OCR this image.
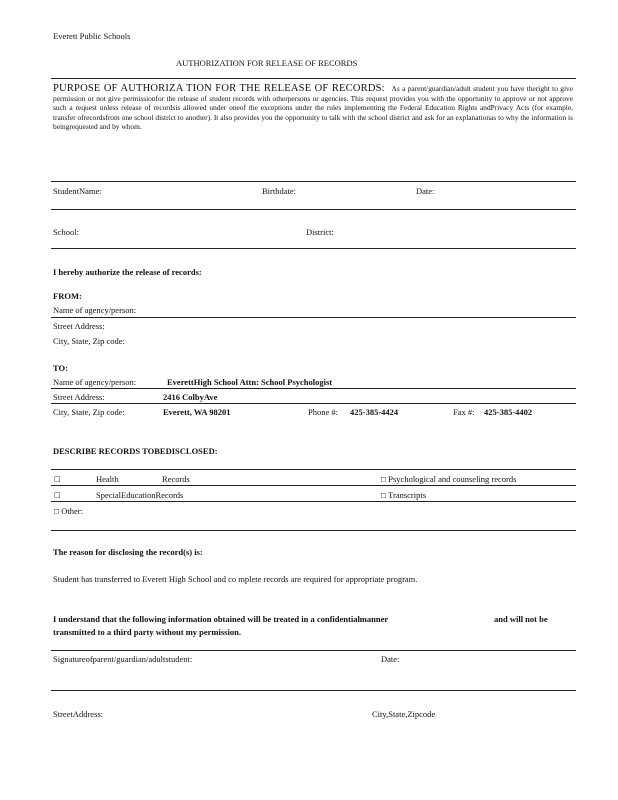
Everett Public Schools
AUTHORIZATION FOR RELEASE OF RECORDS
PURPOSE OF AUTHORIZA TION FOR THE RELEASE OF RECORDS: As a parent/guardian/adult student you have theright to give permission or not give permissionfor the release of student records with otherpersons or agencies. This request provides you with the opportunity to approve or not approve such a request unless release of recordsis allowed under oneof the exceptions under the rules implementing the Federal Education Rights andPrivacy Acts (for example, transfer ofrecordsfrom one school district to another). It also provides you the opportunity to talk with the school district and ask for an explanationas to why the information is beingrequested and by whom.
StudentName:	Birthdate:	Date:
School:	District:
I hereby authorize the release of records:
FROM:
Name of agency/person:
Street Address:
City, State, Zip code:
TO:
Name of agency/person:	EverettHigh School Attn: School Psychologist
Street Address:	2416 ColbyAve
City, State, Zip code:	Everett, WA 98201	Phone #: 425-385-4424	Fax #: 425-385-4402
DESCRIBE RECORDS TOBEDISCLOSED:
□	Health	Records	□ Psychological and counseling records
□	SpecialEducationRecords	□ Transcripts
□ Other:
The reason for disclosing the record(s) is:
Student has transferred to Everett High School and co mplete records are required for appropriate program.
I understand that the following information obtained will be treated in a confidentialmanner	and will not be
transmitted to a third party without my permission.
Signatureofparent/guardian/adultstudent:	Date:
StreetAddress:	City,State,Zipcode
